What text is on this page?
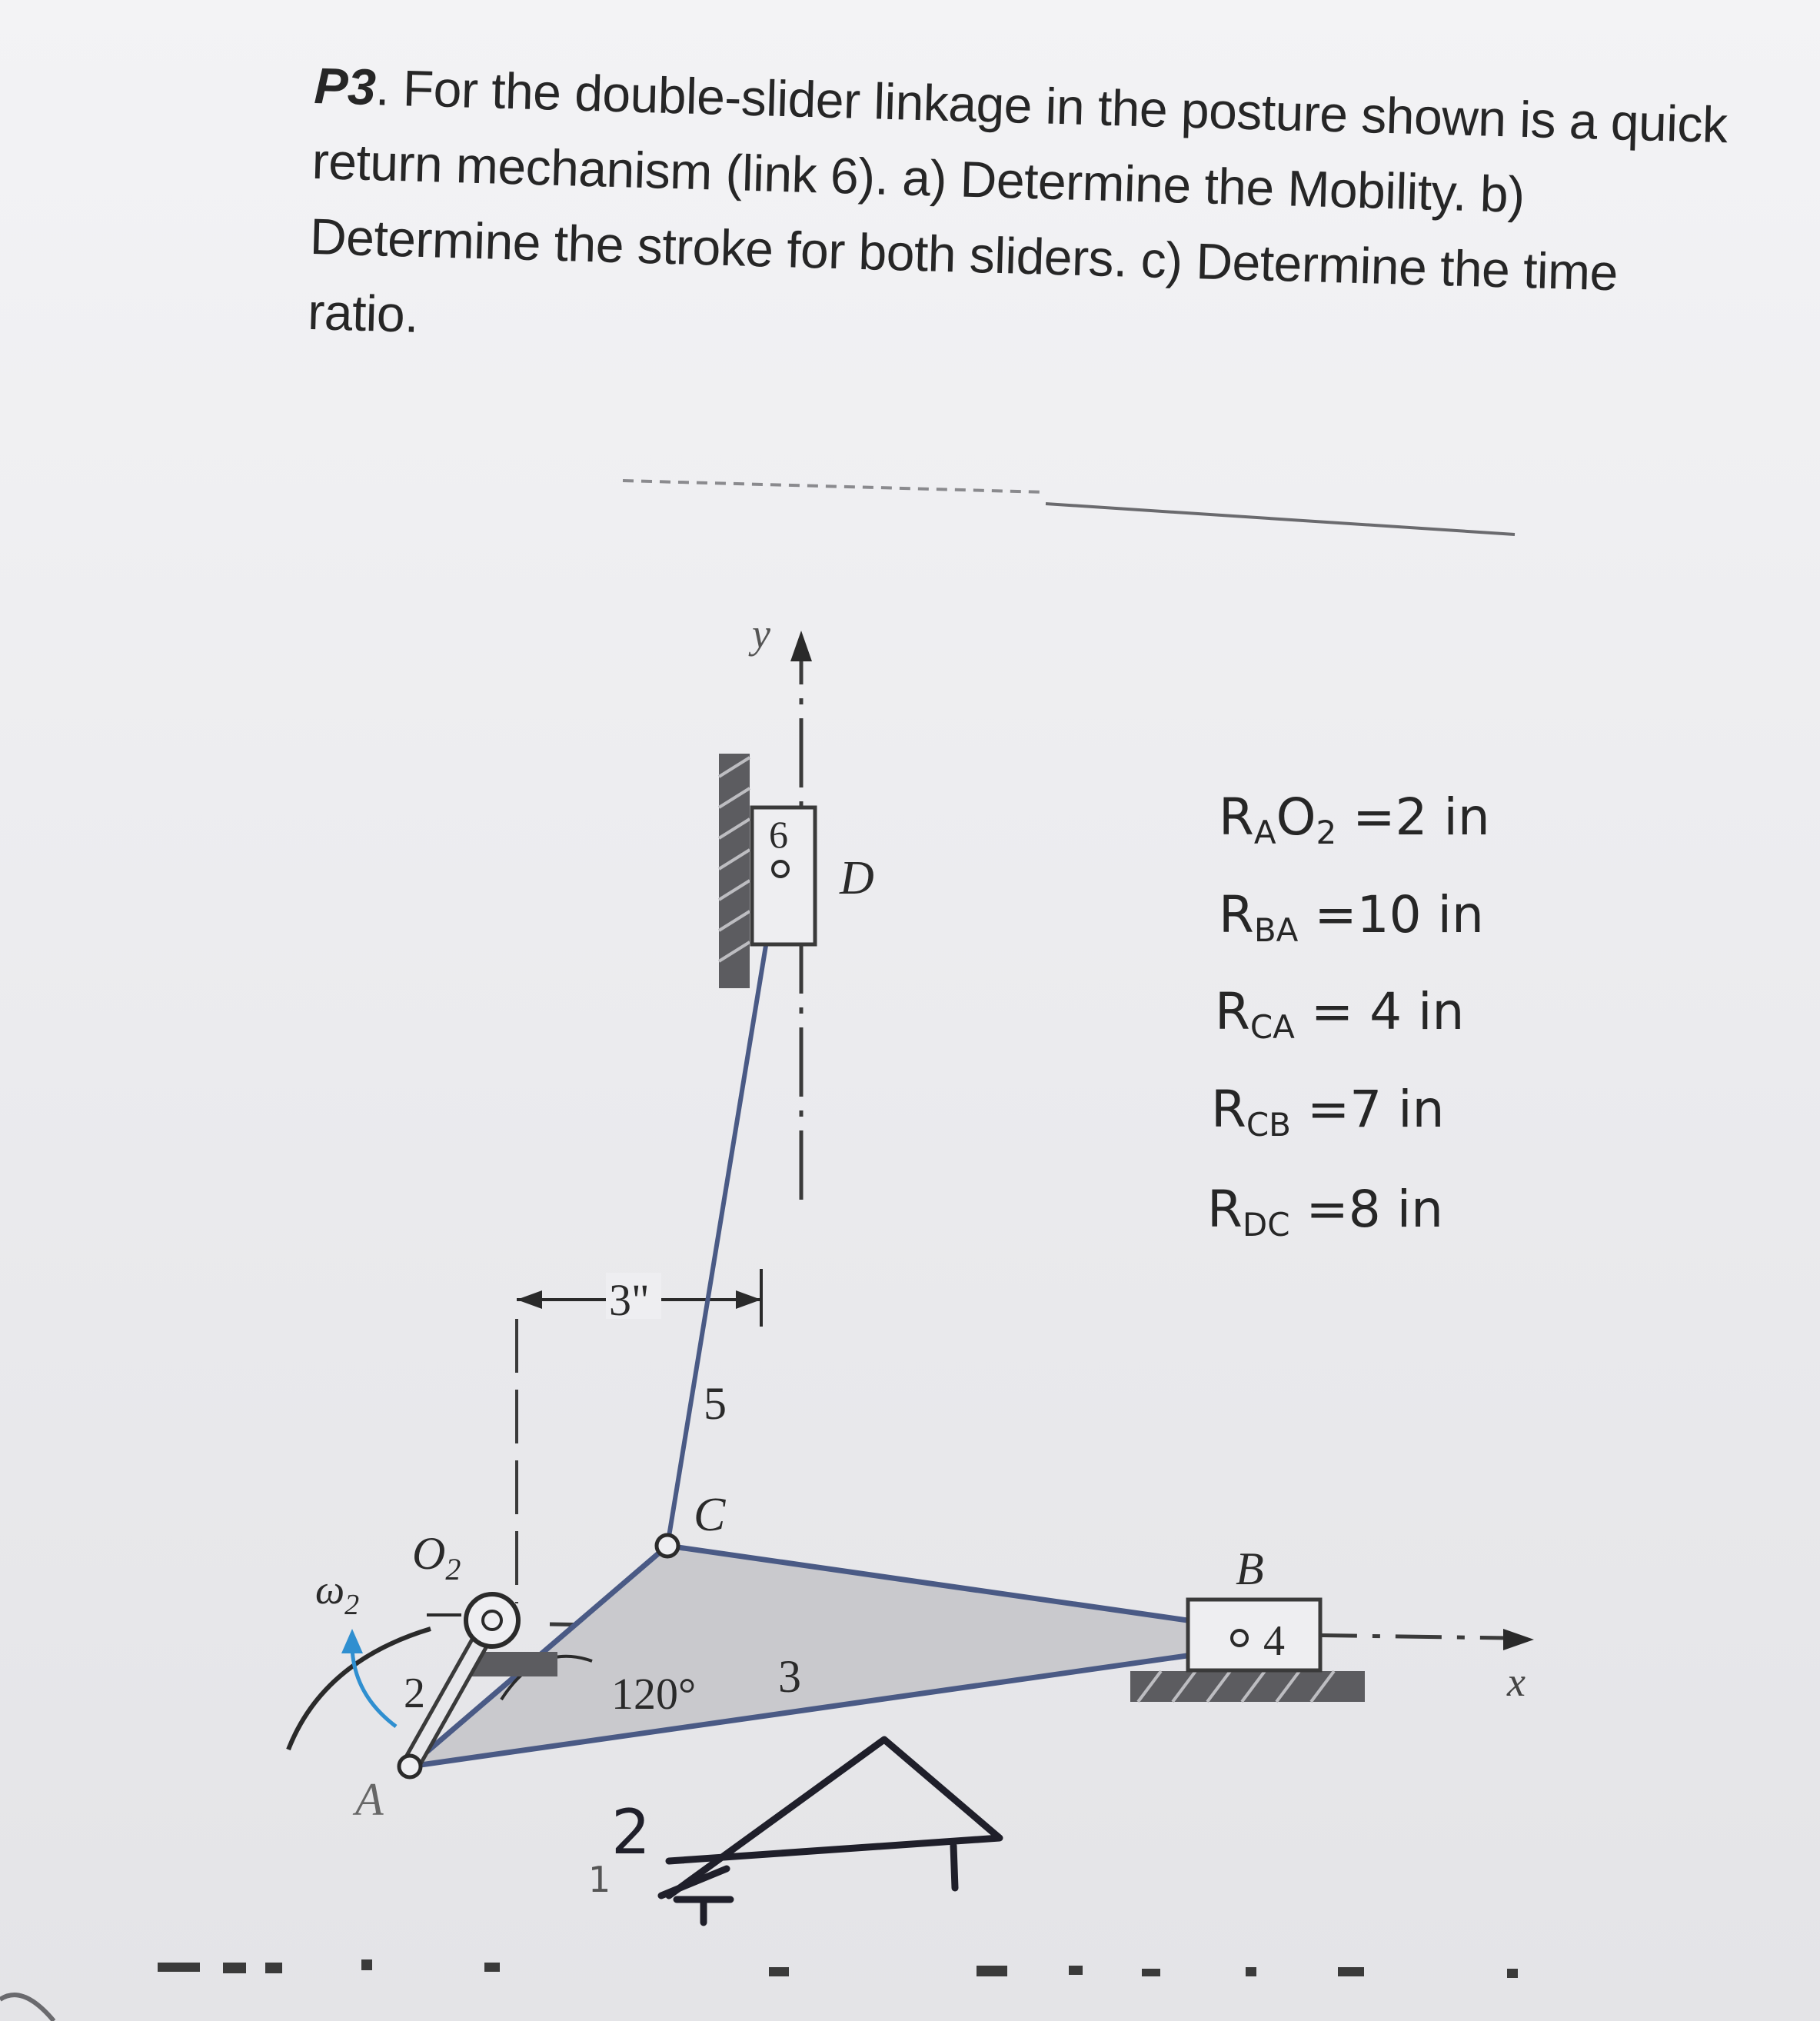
P3. For the double-slider linkage in the posture shown is a quick return mechanism (link 6). a) Determine the Mobility. b) Determine the stroke for both sliders. c) Determine the time ratio.
y
x
3"
6
D
5
C
4
B
3
120°
$O_2$
2
A
$\omega_2$
RAO2 =2 in
RBA =10 in
RCA = 4 in
RCB =7 in
RDC =8 in
2
1
